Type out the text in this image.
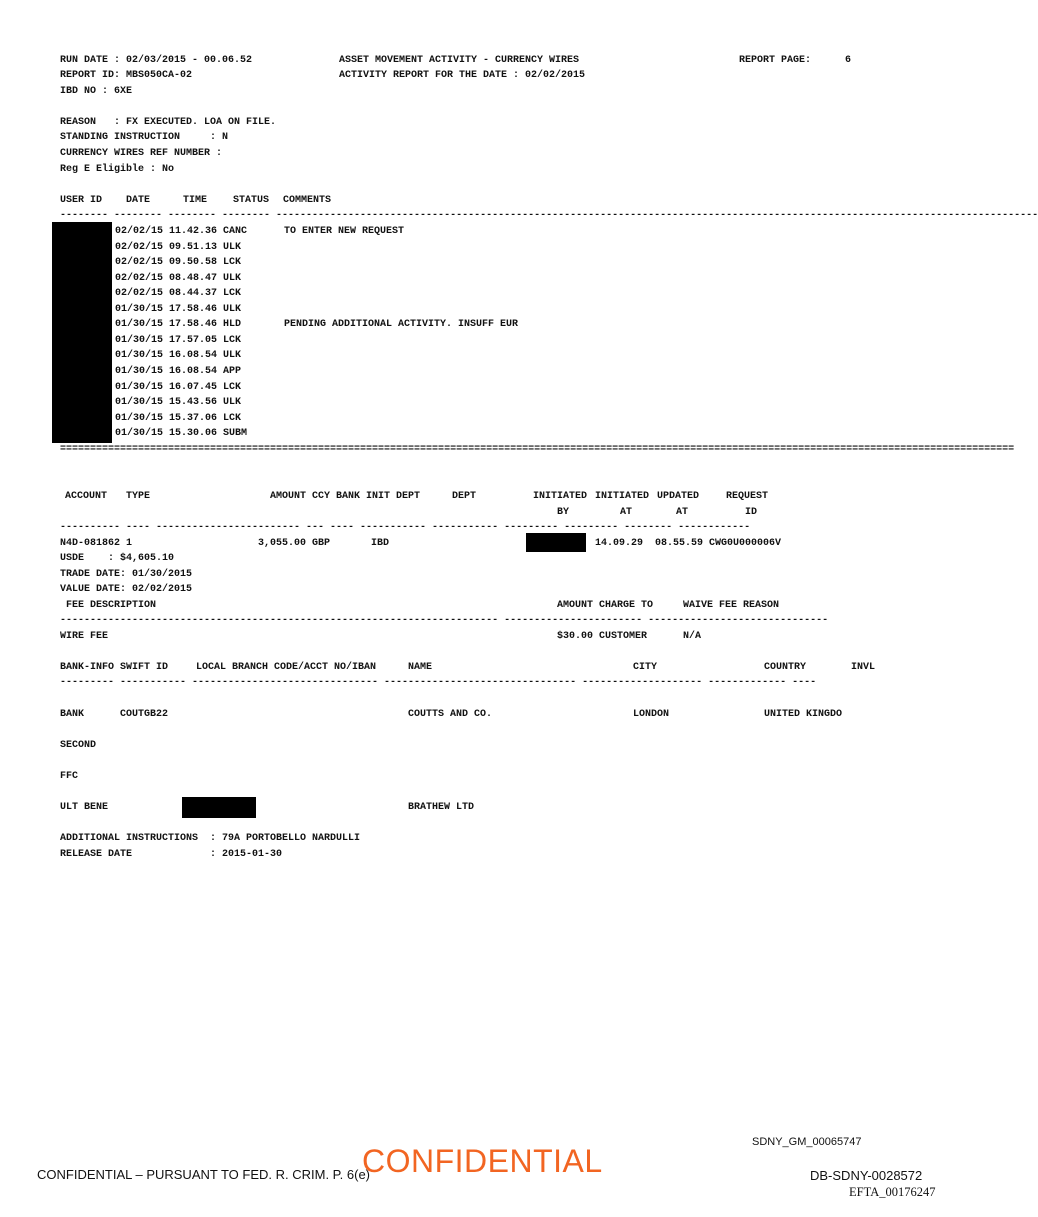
RUN DATE : 02/03/2015 - 00.06.52
REPORT ID: MBS050CA-02
IBD NO : 6XE
ASSET MOVEMENT ACTIVITY - CURRENCY WIRES
ACTIVITY REPORT FOR THE DATE : 02/02/2015
REPORT PAGE:	6
REASON   : FX EXECUTED. LOA ON FILE.
STANDING INSTRUCTION     : N
CURRENCY WIRES REF NUMBER :
Reg E Eligible : No
USER ID DATE	TIME	STATUS COMMENTS
-------- -------- -------- -------- -------------------------------------------------------------------------------------------------------------------------------
02/02/15 11.42.36 CANC	TO ENTER NEW REQUEST
02/02/15 09.51.13 ULK
02/02/15 09.50.58 LCK
02/02/15 08.48.47 ULK
02/02/15 08.44.37 LCK
01/30/15 17.58.46 ULK
01/30/15 17.58.46 HLD	PENDING ADDITIONAL ACTIVITY. INSUFF EUR
01/30/15 17.57.05 LCK
01/30/15 16.08.54 ULK
01/30/15 16.08.54 APP
01/30/15 16.07.45 LCK
01/30/15 15.43.56 ULK
01/30/15 15.37.06 LCK
01/30/15 15.30.06 SUBM
===============================================================================================================================================================
ACCOUNT TYPE	AMOUNT CCY BANK INIT DEPT	DEPT	INITIATED INITIATED UPDATED	REQUEST
BY	AT	AT	ID
---------- ---- ------------------------ --- ---- ----------- ----------- --------- --------- -------- ------------
N4D-081862 1	3,055.00 GBP	IBD	14.09.29  08.55.59 CWG0U000006V
USDE    : $4,605.10
TRADE DATE: 01/30/2015
VALUE DATE: 02/02/2015
FEE DESCRIPTION	AMOUNT CHARGE TO	WAIVE FEE REASON
------------------------------------------------------------------------- ----------------------- ------------------------------
WIRE FEE	$30.00 CUSTOMER	N/A
BANK-INFO SWIFT ID	LOCAL BRANCH CODE/ACCT NO/IBAN	NAME	CITY	COUNTRY	INVL
--------- ----------- ------------------------------- -------------------------------- -------------------- ------------- ----
BANK	COUTGB22	COUTTS AND CO.	LONDON	UNITED KINGDO
SECOND
FFC
ULT BENE	BRATHEW LTD
ADDITIONAL INSTRUCTIONS  : 79A PORTOBELLO NARDULLI
RELEASE DATE             : 2015-01-30
SDNY_GM_00065747
CONFIDENTIAL – PURSUANT TO FED. R. CRIM. P. 6(e)
CONFIDENTIAL	DB-SDNY-0028572
EFTA_00176247
